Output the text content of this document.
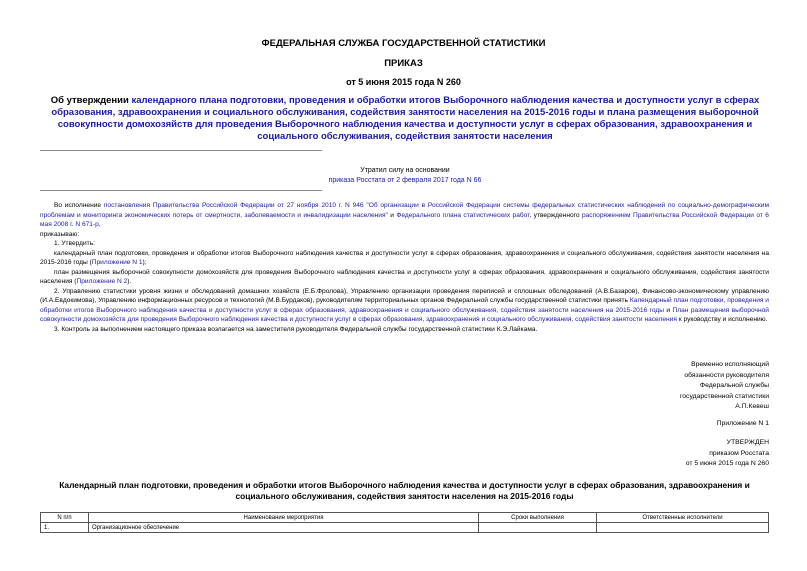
ФЕДЕРАЛЬНАЯ СЛУЖБА ГОСУДАРСТВЕННОЙ СТАТИСТИКИ
ПРИКАЗ
от 5 июня 2015 года N 260
Об утверждении календарного плана подготовки, проведения и обработки итогов Выборочного наблюдения качества и доступности услуг в сферах образования, здравоохранения и социального обслуживания, содействия занятости населения на 2015-2016 годы и плана размещения выборочной совокупности домохозяйств для проведения Выборочного наблюдения качества и доступности услуг в сферах образования, здравоохранения и социального обслуживания, содействия занятости населения
Утратил силу на основании
приказа Росстата от 2 февраля 2017 года N 66

Во исполнение постановления Правительства Российской Федерации от 27 ноября 2010 г. N 946 "Об организации в Российской Федерации системы федеральных статистических наблюдений по социально-демографическим проблемам и мониторинга экономических потерь от смертности, заболеваемости и инвалидизации населения" и Федерального плана статистических работ, утвержденного распоряжением Правительства Российской Федерации от 6 мая 2008 г. N 671-р,

приказываю:

1. Утвердить:

календарный план подготовки, проведения и обработки итогов Выборочного наблюдения качества и доступности услуг в сферах образования, здравоохранения и социального обслуживания, содействия занятости населения на 2015-2016 годы (Приложение N 1);

план размещения выборочной совокупности домохозяйств для проведения Выборочного наблюдения качества и доступности услуг в сферах образования, здравоохранения и социального обслуживания, содействия занятости населения (Приложение N 2).

2. Управлению статистики уровня жизни и обследований домашних хозяйств (Е.Б.Фролова), Управлению организации проведения переписей и сплошных обследований (А.В.Базаров), Финансово-экономическому управлению (И.А.Евдокимова), Управлению информационных ресурсов и технологий (М.В.Бурдаков), руководителям территориальных органов Федеральной службы государственной статистики принять Календарный план подготовки, проведения и обработки итогов Выборочного наблюдения качества и доступности услуг в сферах образования, здравоохранения и социального обслуживания, содействия занятости населения на 2015-2016 годы и План размещения выборочной совокупности домохозяйств для проведения Выборочного наблюдения качества и доступности услуг в сферах образования, здравоохранения и социального обслуживания, содействия занятости населения к руководству и исполнению.

3. Контроль за выполнением настоящего приказа возлагается на заместителя руководителя Федеральной службы государственной статистики К.Э.Лайкама.

Временно исполняющий
обязанности руководителя
Федеральной службы
государственной статистики
А.П.Кевеш
Приложение N 1
УТВЕРЖДЕН
приказом Росстата
от 5 июня 2015 года N 260
Календарный план подготовки, проведения и обработки итогов Выборочного наблюдения качества и доступности услуг в сферах образования, здравоохранения и социального обслуживания, содействия занятости населения на 2015-2016 годы
N п/п	Наименование мероприятия	Сроки выполнения	Ответственные исполнители
1.	Организационное обеспечение		
